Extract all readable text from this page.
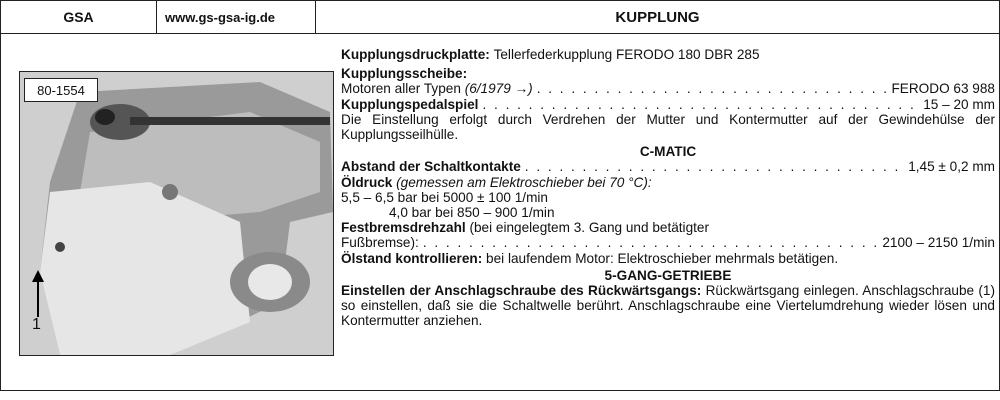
GSA	www.gs-gsa-ig.de	KUPPLUNG
80-1554
1
Kupplungsdruckplatte:
Tellerfederkupplung FERODO 180 DBR 285
Kupplungsscheibe:
Motoren aller Typen
(6/1979 →) . . .	FERODO 63 988
Kupplungspedalspiel . . .	15 – 20 mm
Die Einstellung erfolgt durch Verdrehen der Mutter und Kontermutter auf der Gewindehülse der Kupplungsseilhülle.
C-MATIC
Abstand der Schaltkontakte . . .	1,45 ± 0,2 mm
Öldruck
(gemessen am Elektroschieber bei 70 °C):
5,5 – 6,5 bar bei 5000 ± 100 1/min
4,0 bar bei 850 – 900 1/min
Festbremsdrehzahl
(bei eingelegtem 3. Gang und betätigter
Fußbremse): . . .	2100 – 2150 1/min
Ölstand kontrollieren:
bei laufendem Motor: Elektroschieber mehrmals betätigen.
5-GANG-GETRIEBE
Einstellen der Anschlagschraube des Rückwärtsgangs: Rückwärtsgang einlegen. Anschlagschraube (1) so einstellen, daß sie die Schaltwelle berührt. Anschlagschraube eine Viertelumdrehung wieder lösen und Kontermutter anziehen.
